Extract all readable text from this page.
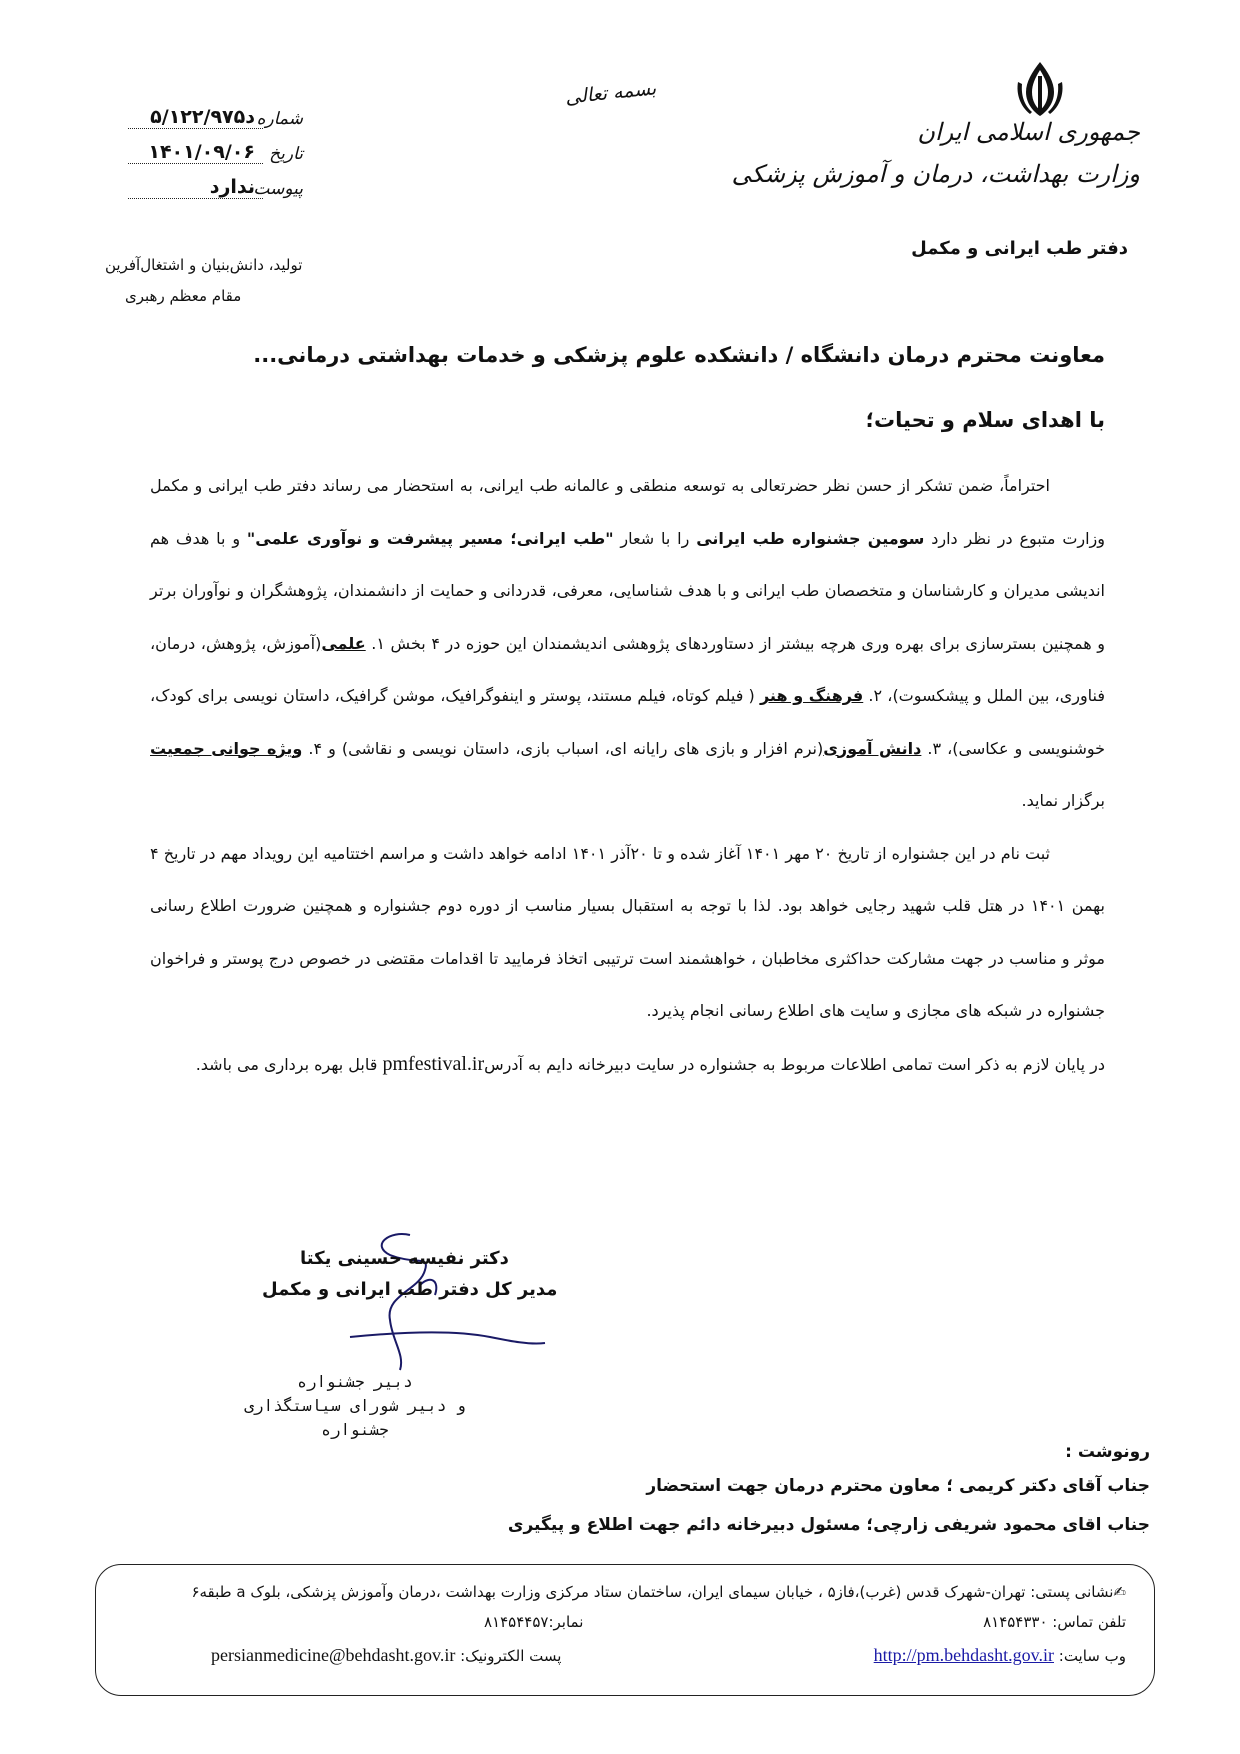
جمهوری اسلامی ایران
وزارت بهداشت، درمان و آموزش پزشکی
دفتر طب ایرانی و مکمل
بسمه تعالی
شماره
۵/۱۲۲/۹۷۵د
تاریخ
۱۴۰۱/۰۹/۰۶
پیوست
ندارد
تولید، دانش‌بنیان و اشتغال‌آفرین
مقام معظم رهبری
معاونت محترم درمان دانشگاه / دانشکده علوم پزشکی و خدمات بهداشتی درمانی...
با اهدای سلام و تحیات؛

احتراماً، ضمن تشکر از حسن نظر حضرتعالی به توسعه منطقی و عالمانه طب ایرانی، به استحضار می رساند دفتر طب ایرانی و مکمل وزارت متبوع در نظر دارد سومین جشنواره طب ایرانی را با شعار "طب ایرانی؛ مسیر پیشرفت و نوآوری علمی" و با هدف هم اندیشی مدیران و کارشناسان و متخصصان طب ایرانی و با هدف شناسایی، معرفی، قدردانی و حمایت از دانشمندان، پژوهشگران و نوآوران برتر و همچنین بسترسازی برای بهره وری هرچه بیشتر از دستاوردهای پژوهشی اندیشمندان این حوزه در ۴ بخش ۱. علمی(آموزش، پژوهش، درمان، فناوری، بین الملل و پیشکسوت)، ۲. فرهنگ و هنر ( فیلم کوتاه، فیلم مستند، پوستر و اینفوگرافیک، موشن گرافیک، داستان نویسی برای کودک، خوشنویسی و عکاسی)، ۳. دانش آموزی(نرم افزار و بازی های رایانه ای، اسباب بازی، داستان نویسی و نقاشی) و ۴. ویژه جوانی جمعیت برگزار نماید.

ثبت نام در این جشنواره از تاریخ ۲۰ مهر ۱۴۰۱ آغاز شده و تا ۲۰آذر ۱۴۰۱ ادامه خواهد داشت و مراسم اختتامیه این رویداد مهم در تاریخ ۴ بهمن ۱۴۰۱ در هتل قلب شهید رجایی خواهد بود. لذا با توجه به استقبال بسیار مناسب از دوره دوم جشنواره و همچنین ضرورت اطلاع رسانی موثر و مناسب در جهت مشارکت حداکثری مخاطبان ، خواهشمند است ترتیبی اتخاذ فرمایید تا اقدامات مقتضی در خصوص درج پوستر و فراخوان جشنواره در شبکه های مجازی و سایت های اطلاع رسانی انجام پذیرد.

در پایان لازم به ذکر است تمامی اطلاعات مربوط به جشنواره در سایت دبیرخانه دایم به آدرسpmfestival.ir قابل بهره برداری می باشد.

دکتر نفیسه حسینی یکتا
مدیر کل دفتر طب ایرانی و مکمل
دبیر جشنواره
و دبیر شورای سیاستگذاری
جشنواره
رونوشت :
جناب آقای دکتر کریمی ؛ معاون محترم درمان جهت استحضار
جناب اقای محمود شریفی زارچی؛ مسئول دبیرخانه دائم جهت اطلاع و پیگیری
✍نشانی پستی: تهران-شهرک قدس (غرب)،فاز۵ ، خیابان سیمای ایران، ساختمان ستاد مرکزی وزارت بهداشت ،درمان وآموزش پزشکی، بلوک a طبقه۶
تلفن تماس: ۸۱۴۵۴۳۳۰
نمابر:۸۱۴۵۴۴۵۷
وب سایت: http://pm.behdasht.gov.ir
پست الکترونیک: persianmedicine@behdasht.gov.ir
